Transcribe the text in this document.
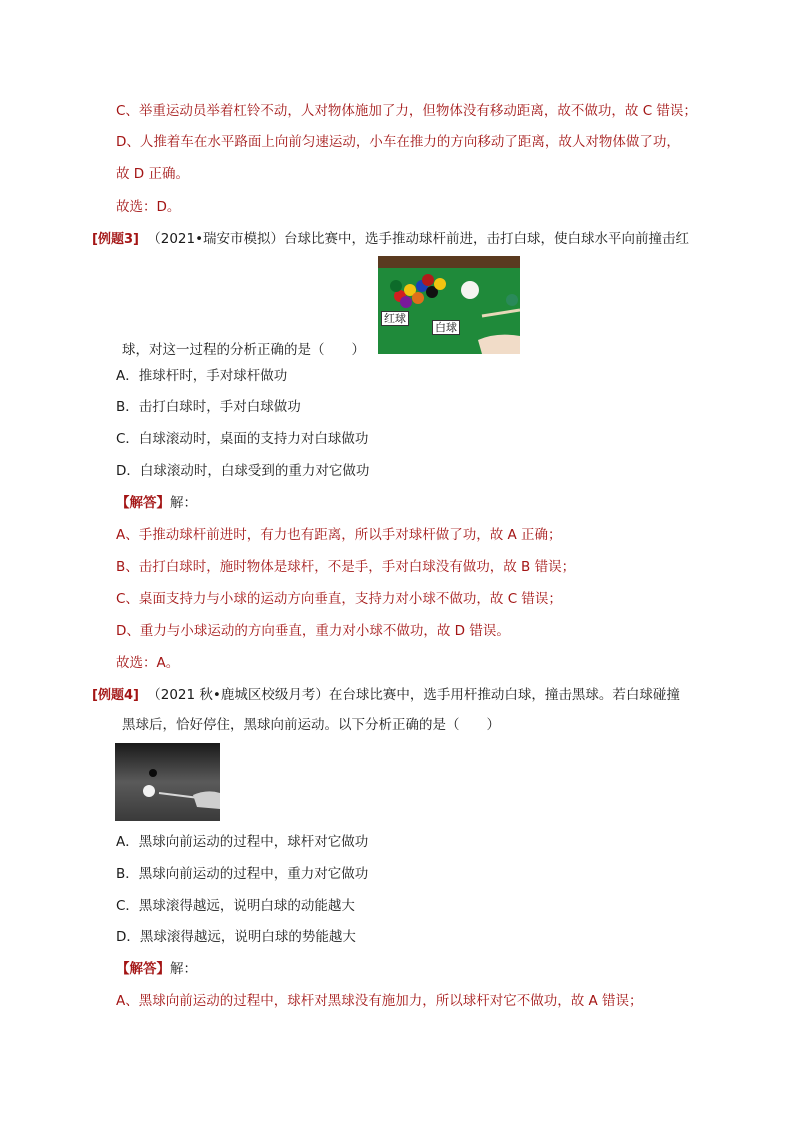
C、举重运动员举着杠铃不动，人对物体施加了力，但物体没有移动距离，故不做功，故 C 错误；
D、人推着车在水平路面上向前匀速运动，小车在推力的方向移动了距离，故人对物体做了功，
故 D 正确。
故选：D。
[例题3] （2021•瑞安市模拟）台球比赛中，选手推动球杆前进，击打白球，使白球水平向前撞击红
红球
白球
球，对这一过程的分析正确的是（　　）
A．推球杆时，手对球杆做功
B．击打白球时，手对白球做功
C．白球滚动时，桌面的支持力对白球做功
D．白球滚动时，白球受到的重力对它做功
【解答】解：
A、手推动球杆前进时，有力也有距离，所以手对球杆做了功，故 A 正确；
B、击打白球时，施时物体是球杆，不是手，手对白球没有做功，故 B 错误；
C、桌面支持力与小球的运动方向垂直，支持力对小球不做功，故 C 错误；
D、重力与小球运动的方向垂直，重力对小球不做功，故 D 错误。
故选：A。
[例题4] （2021 秋•鹿城区校级月考）在台球比赛中，选手用杆推动白球，撞击黑球。若白球碰撞
黑球后，恰好停住，黑球向前运动。以下分析正确的是（　　）
A．黑球向前运动的过程中，球杆对它做功
B．黑球向前运动的过程中，重力对它做功
C．黑球滚得越远，说明白球的动能越大
D．黑球滚得越远，说明白球的势能越大
【解答】解：
A、黑球向前运动的过程中，球杆对黑球没有施加力，所以球杆对它不做功，故 A 错误；
